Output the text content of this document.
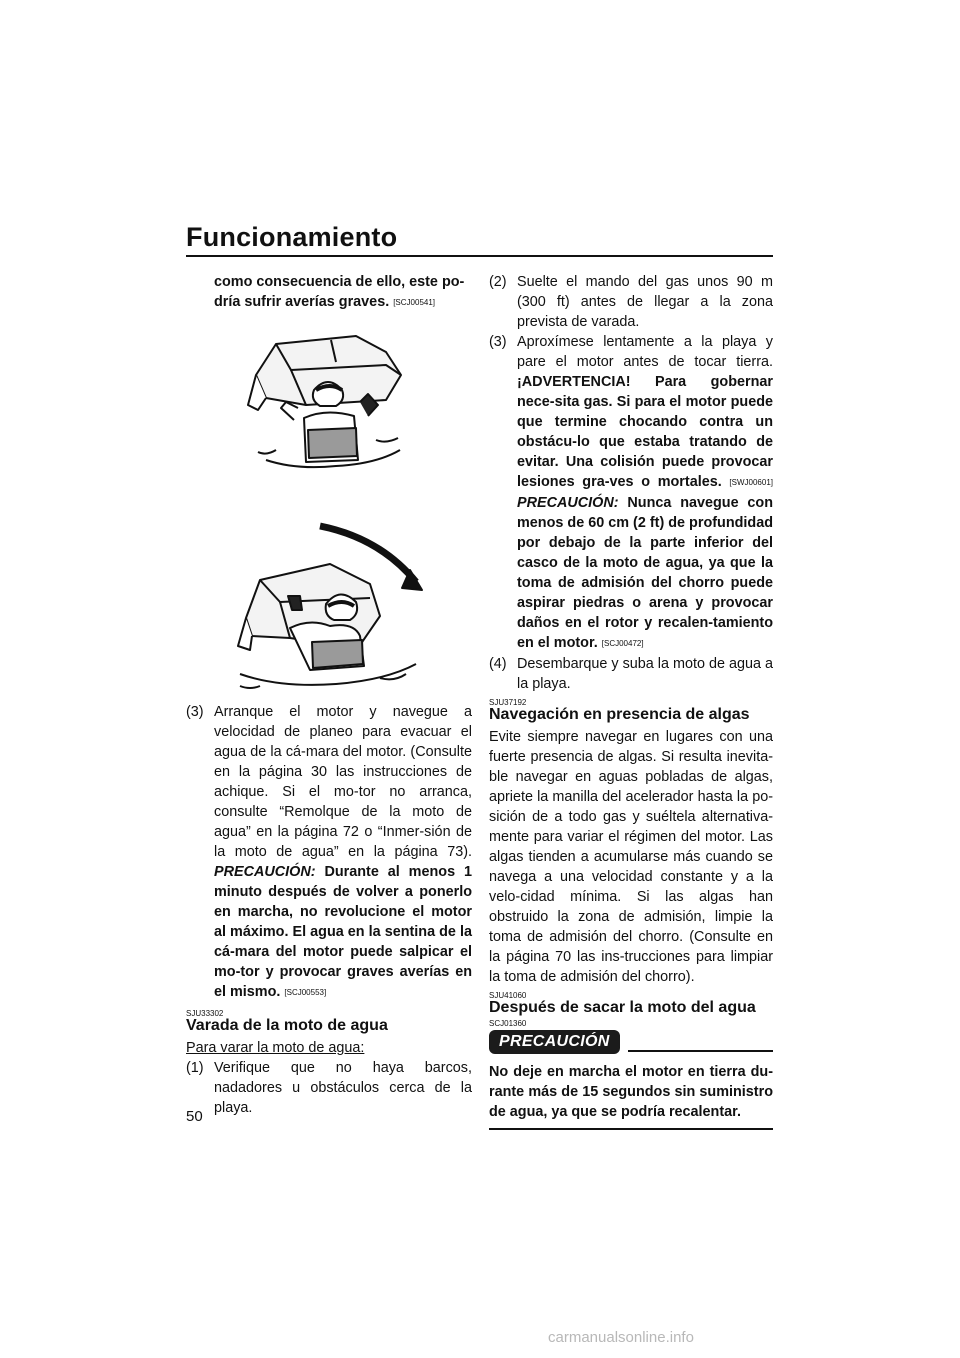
Funcionamiento

como consecuencia de ello, este po-

dría sufrir averías graves. [SCJ00541]

(3) Arranque el motor y navegue a velocidad de planeo para evacuar el agua de la cá-mara del motor. (Consulte en la página 30 las instrucciones de achique. Si el mo-tor no arranca, consulte “Remolque de la moto de agua” en la página 72 o “Inmer-sión de la moto de agua” en la página 73). PRECAUCIÓN: Durante al menos 1 minuto después de volver a ponerlo en marcha, no revolucione el motor al máximo. El agua en la sentina de la cá-mara del motor puede salpicar el mo-tor y provocar graves averías en el mismo. [SCJ00553]
SJU33302
Varada de la moto de agua

Para varar la moto de agua:

(1) Verifique que no haya barcos, nadadores u obstáculos cerca de la playa.
(2) Suelte el mando del gas unos 90 m (300 ft) antes de llegar a la zona prevista de varada.
(3) Aproxímese lentamente a la playa y pare el motor antes de tocar tierra. ¡ADVERTENCIA! Para gobernar nece-sita gas. Si para el motor puede que termine chocando contra un obstácu-lo que estaba tratando de evitar. Una colisión puede provocar lesiones gra-ves o mortales. [SWJ00601] PRECAUCIÓN: Nunca navegue con menos de 60 cm (2 ft) de profundidad por debajo de la parte inferior del casco de la moto de agua, ya que la toma de admisión del chorro puede aspirar piedras o arena y provocar daños en el rotor y recalen-tamiento en el motor. [SCJ00472]
(4) Desembarque y suba la moto de agua a la playa.
SJU37192
Navegación en presencia de algas

Evite siempre navegar en lugares con una fuerte presencia de algas. Si resulta inevita-ble navegar en aguas pobladas de algas, apriete la manilla del acelerador hasta la po-sición de a todo gas y suéltela alternativa-mente para variar el régimen del motor. Las algas tienden a acumularse más cuando se navega a una velocidad constante y a la velo-cidad mínima. Si las algas han obstruido la zona de admisión, limpie la toma de admisión del chorro. (Consulte en la página 70 las ins-trucciones para limpiar la toma de admisión del chorro).

SJU41060
Después de sacar la moto del agua
SCJ01360
PRECAUCIÓN

No deje en marcha el motor en tierra du-rante más de 15 segundos sin suministro de agua, ya que se podría recalentar.

50
carmanualsonline.info
